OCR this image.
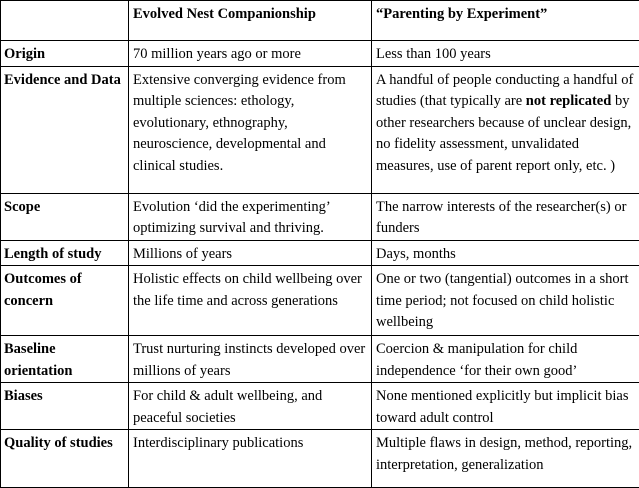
	Evolved Nest Companionship	“Parenting by Experiment”
Origin	70 million years ago or more	Less than 100 years
Evidence and Data	Extensive converging evidence from multiple sciences: ethology, evolutionary, ethnography, neuroscience, developmental and clinical studies.	A handful of people conducting a handful of studies (that typically are not replicated by other researchers because of unclear design, no fidelity assessment, unvalidated measures, use of parent report only, etc. )
Scope	Evolution ‘did the experimenting’ optimizing survival and thriving.	The narrow interests of the researcher(s) or funders
Length of study	Millions of years	Days, months
Outcomes of concern	Holistic effects on child wellbeing over the life time and across generations	One or two (tangential) outcomes in a short time period; not focused on child holistic wellbeing
Baseline orientation	Trust nurturing instincts developed over millions of years	Coercion & manipulation for child independence ‘for their own good’
Biases	For child & adult wellbeing, and peaceful societies	None mentioned explicitly but implicit bias toward adult control
Quality of studies	Interdisciplinary publications	Multiple flaws in design, method, reporting, interpretation, generalization
